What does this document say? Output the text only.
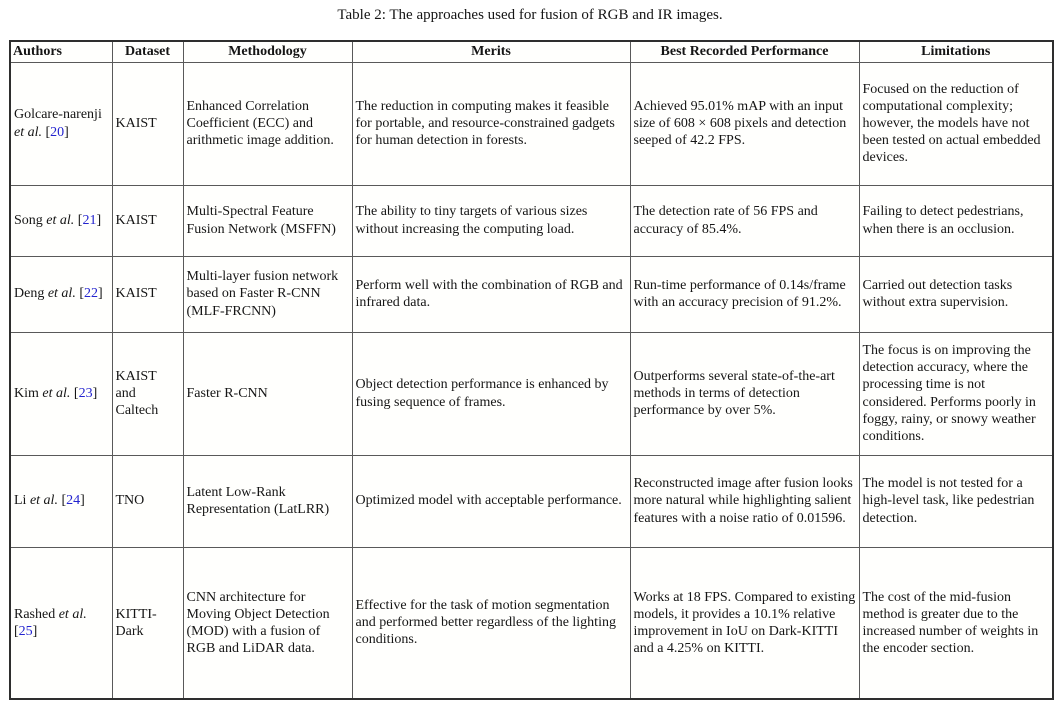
Table 2: The approaches used for fusion of RGB and IR images.
Authors	Dataset	Methodology	Merits	Best Recorded Performance	Limitations
Golcare-narenji et al. [20]	KAIST	Enhanced Correlation Coefficient (ECC) and arithmetic image addition.	The reduction in computing makes it feasible for portable, and resource-constrained gadgets for human detection in forests.	Achieved 95.01% mAP with an input size of 608 × 608 pixels and detection seeped of 42.2 FPS.	Focused on the reduction of computational complexity; however, the models have not been tested on actual embedded devices.
Song et al. [21]	KAIST	Multi-Spectral Feature Fusion Network (MSFFN)	The ability to tiny targets of various sizes without increasing the computing load.	The detection rate of 56 FPS and accuracy of 85.4%.	Failing to detect pedestrians, when there is an occlusion.
Deng et al. [22]	KAIST	Multi-layer fusion network based on Faster R-CNN (MLF-FRCNN)	Perform well with the combination of RGB and infrared data.	Run-time performance of 0.14s/frame with an accuracy precision of 91.2%.	Carried out detection tasks without extra supervision.
Kim et al. [23]	KAIST and Caltech	Faster R-CNN	Object detection performance is enhanced by fusing sequence of frames.	Outperforms several state-of-the-art methods in terms of detection performance by over 5%.	The focus is on improving the detection accuracy, where the processing time is not considered. Performs poorly in foggy, rainy, or snowy weather conditions.
Li et al. [24]	TNO	Latent Low-Rank Representation (LatLRR)	Optimized model with acceptable performance.	Reconstructed image after fusion looks more natural while highlighting salient features with a noise ratio of 0.01596.	The model is not tested for a high-level task, like pedestrian detection.
Rashed et al. [25]	KITTI-Dark	CNN architecture for Moving Object Detection (MOD) with a fusion of RGB and LiDAR data.	Effective for the task of motion segmentation and performed better regardless of the lighting conditions.	Works at 18 FPS. Compared to existing models, it provides a 10.1% relative improvement in IoU on Dark-KITTI and a 4.25% on KITTI.	The cost of the mid-fusion method is greater due to the increased number of weights in the encoder section.
